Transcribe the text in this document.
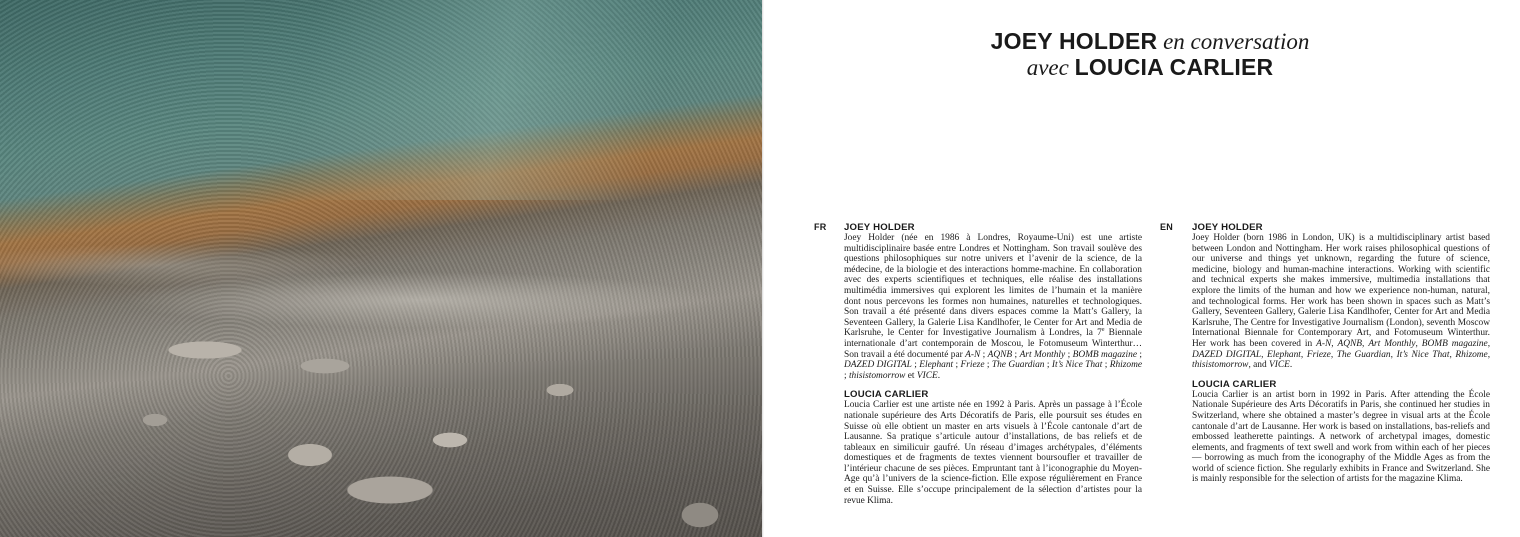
JOEY HOLDER en conversation
avec LOUCIA CARLIER
FR	EN
JOEY HOLDER
Joey Holder (née en 1986 à Londres, Royaume-Uni) est une artiste multidisciplinaire basée entre Londres et Nottingham. Son travail soulève des questions philosophiques sur notre univers et l’avenir de la science, de la médecine, de la biologie et des interactions homme-machine. En collaboration avec des experts scientifiques et techniques, elle réalise des installations multimédia immersives qui explorent les limites de l’humain et la manière dont nous percevons les formes non humaines, naturelles et technologiques. Son travail a été présenté dans divers espaces comme la Matt’s Gallery, la Seventeen Gallery, la Galerie Lisa Kandlhofer, le Center for Art and Media de Karlsruhe, le Center for Investigative Journalism à Londres, la 7e Biennale internationale d’art contemporain de Moscou, le Fotomuseum Winterthur… Son travail a été documenté par A-N ; AQNB ; Art Monthly ; BOMB magazine ; DAZED DIGITAL ; Elephant ; Frieze ; The Guardian ; It’s Nice That ; Rhizome ; thisistomorrow et VICE.
LOUCIA CARLIER
Loucia Carlier est une artiste née en 1992 à Paris. Après un passage à l’École nationale supérieure des Arts Décoratifs de Paris, elle poursuit ses études en Suisse où elle obtient un master en arts visuels à l’École cantonale d’art de Lausanne. Sa pratique s’articule autour d’installations, de bas reliefs et de tableaux en similicuir gaufré. Un réseau d’images archétypales, d’éléments domestiques et de fragments de textes viennent boursoufler et travailler de l’intérieur chacune de ses pièces. Empruntant tant à l’iconographie du Moyen-Age qu’à l’univers de la science-fiction. Elle expose régulièrement en France et en Suisse. Elle s’occupe principalement de la sélection d’artistes pour la revue Klima.
JOEY HOLDER
Joey Holder (born 1986 in London, UK) is a multidisciplinary artist based between London and Nottingham. Her work raises philosophical questions of our universe and things yet unknown, regarding the future of science, medicine, biology and human-machine interactions. Working with scientific and technical experts she makes immersive, multimedia installations that explore the limits of the human and how we experience non-human, natural, and technological forms. Her work has been shown in spaces such as Matt’s Gallery, Seventeen Gallery, Galerie Lisa Kandlhofer, Center for Art and Media Karlsruhe, The Centre for Investigative Journalism (London), seventh Moscow International Biennale for Contemporary Art, and Fotomuseum Winterthur. Her work has been covered in A-N, AQNB, Art Monthly, BOMB magazine, DAZED DIGITAL, Elephant, Frieze, The Guardian, It’s Nice That, Rhizome, thisistomorrow, and VICE.
LOUCIA CARLIER
Loucia Carlier is an artist born in 1992 in Paris. After attending the École Nationale Supérieure des Arts Décoratifs in Paris, she continued her studies in Switzerland, where she obtained a master’s degree in visual arts at the École cantonale d’art de Lausanne. Her work is based on installations, bas-reliefs and embossed leatherette paintings. A network of archetypal images, domestic elements, and fragments of text swell and work from within each of her pieces — borrowing as much from the iconography of the Middle Ages as from the world of science fiction. She regularly exhibits in France and Switzerland. She is mainly responsible for the selection of artists for the magazine Klima.
